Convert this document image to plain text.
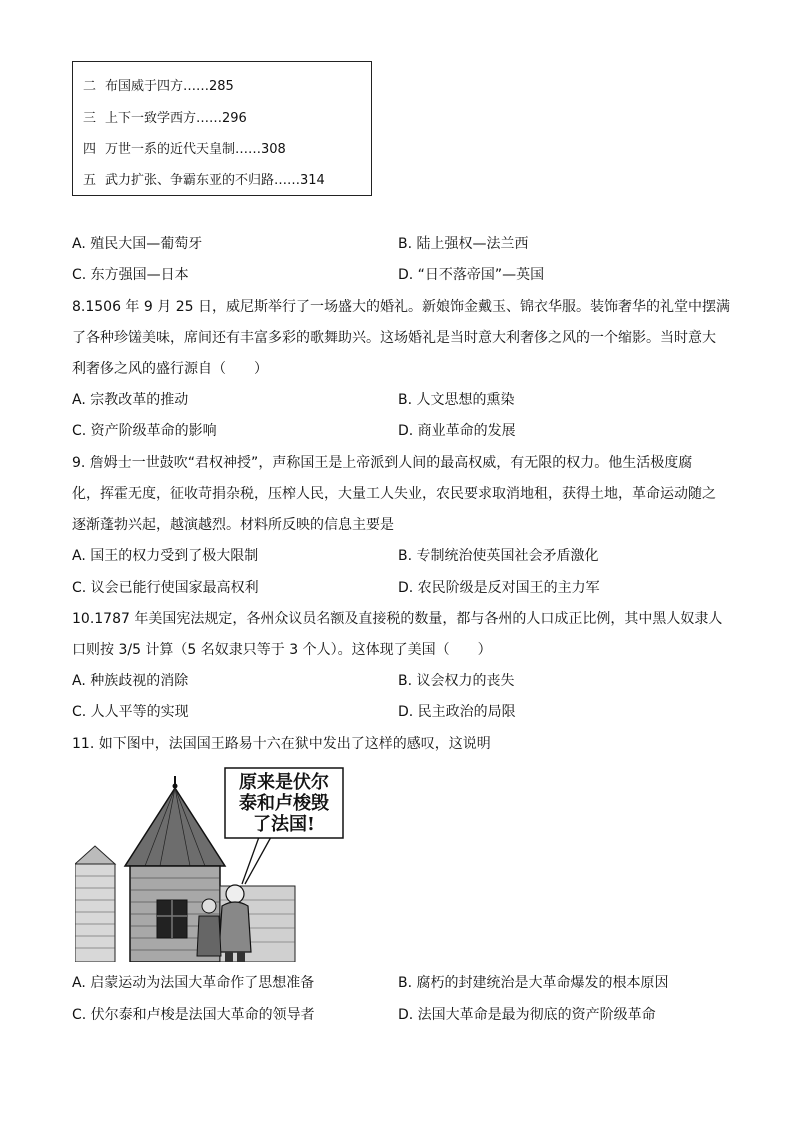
二 布国威于四方……285
三 上下一致学西方……296
四 万世一系的近代天皇制……308
五 武力扩张、争霸东亚的不归路……314
A. 殖民大国—葡萄牙	B. 陆上强权—法兰西
C. 东方强国—日本	D. “日不落帝国”—英国
8.1506 年 9 月 25 日，威尼斯举行了一场盛大的婚礼。新娘饰金戴玉、锦衣华服。装饰奢华的礼堂中摆满
了各种珍馐美味，席间还有丰富多彩的歌舞助兴。这场婚礼是当时意大利奢侈之风的一个缩影。当时意大
利奢侈之风的盛行源自（　　）
A. 宗教改革的推动	B. 人文思想的熏染
C. 资产阶级革命的影响	D. 商业革命的发展
9. 詹姆士一世鼓吹“君权神授”，声称国王是上帝派到人间的最高权威，有无限的权力。他生活极度腐
化，挥霍无度，征收苛捐杂税，压榨人民，大量工人失业，农民要求取消地租，获得土地，革命运动随之
逐渐蓬勃兴起，越演越烈。材料所反映的信息主要是
A. 国王的权力受到了极大限制	B. 专制统治使英国社会矛盾激化
C. 议会已能行使国家最高权利	D. 农民阶级是反对国王的主力军
10.1787 年美国宪法规定，各州众议员名额及直接税的数量，都与各州的人口成正比例，其中黑人奴隶人
口则按 3/5 计算（5 名奴隶只等于 3 个人）。这体现了美国（　　）
A. 种族歧视的消除	B. 议会权力的丧失
C. 人人平等的实现	D. 民主政治的局限
11. 如下图中，法国国王路易十六在狱中发出了这样的感叹，这说明
原来是伏尔
泰和卢梭毁
了法国!
A. 启蒙运动为法国大革命作了思想准备	B. 腐朽的封建统治是大革命爆发的根本原因
C. 伏尔泰和卢梭是法国大革命的领导者	D. 法国大革命是最为彻底的资产阶级革命
